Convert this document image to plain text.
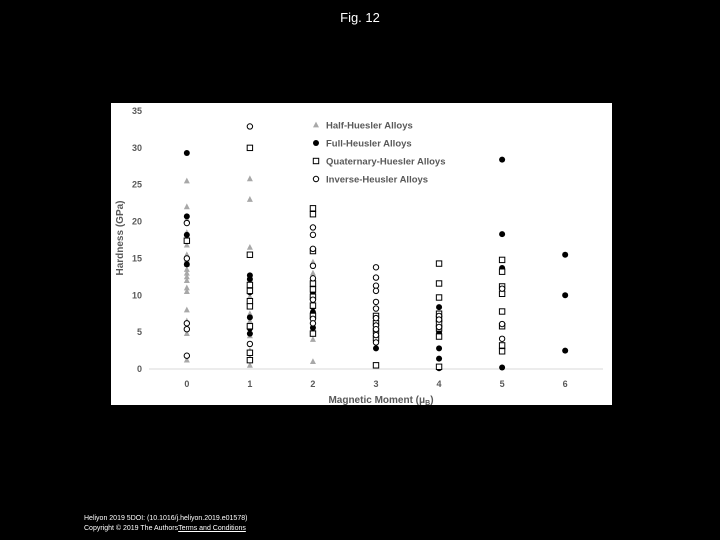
Fig. 12
0
5
10
15
20
25
30
35
0	1	2	3	4	5	6
Magnetic Moment $(\mu_B)$
Hardness (GPa)
Half-Huesler Alloys
Full-Heusler Alloys
Quaternary-Huesler Alloys
Inverse-Heusler Alloys
Heliyon 2019 5DOI: (10.1016/j.heliyon.2019.e01578)
Copyright © 2019 The AuthorsTerms and Conditions
